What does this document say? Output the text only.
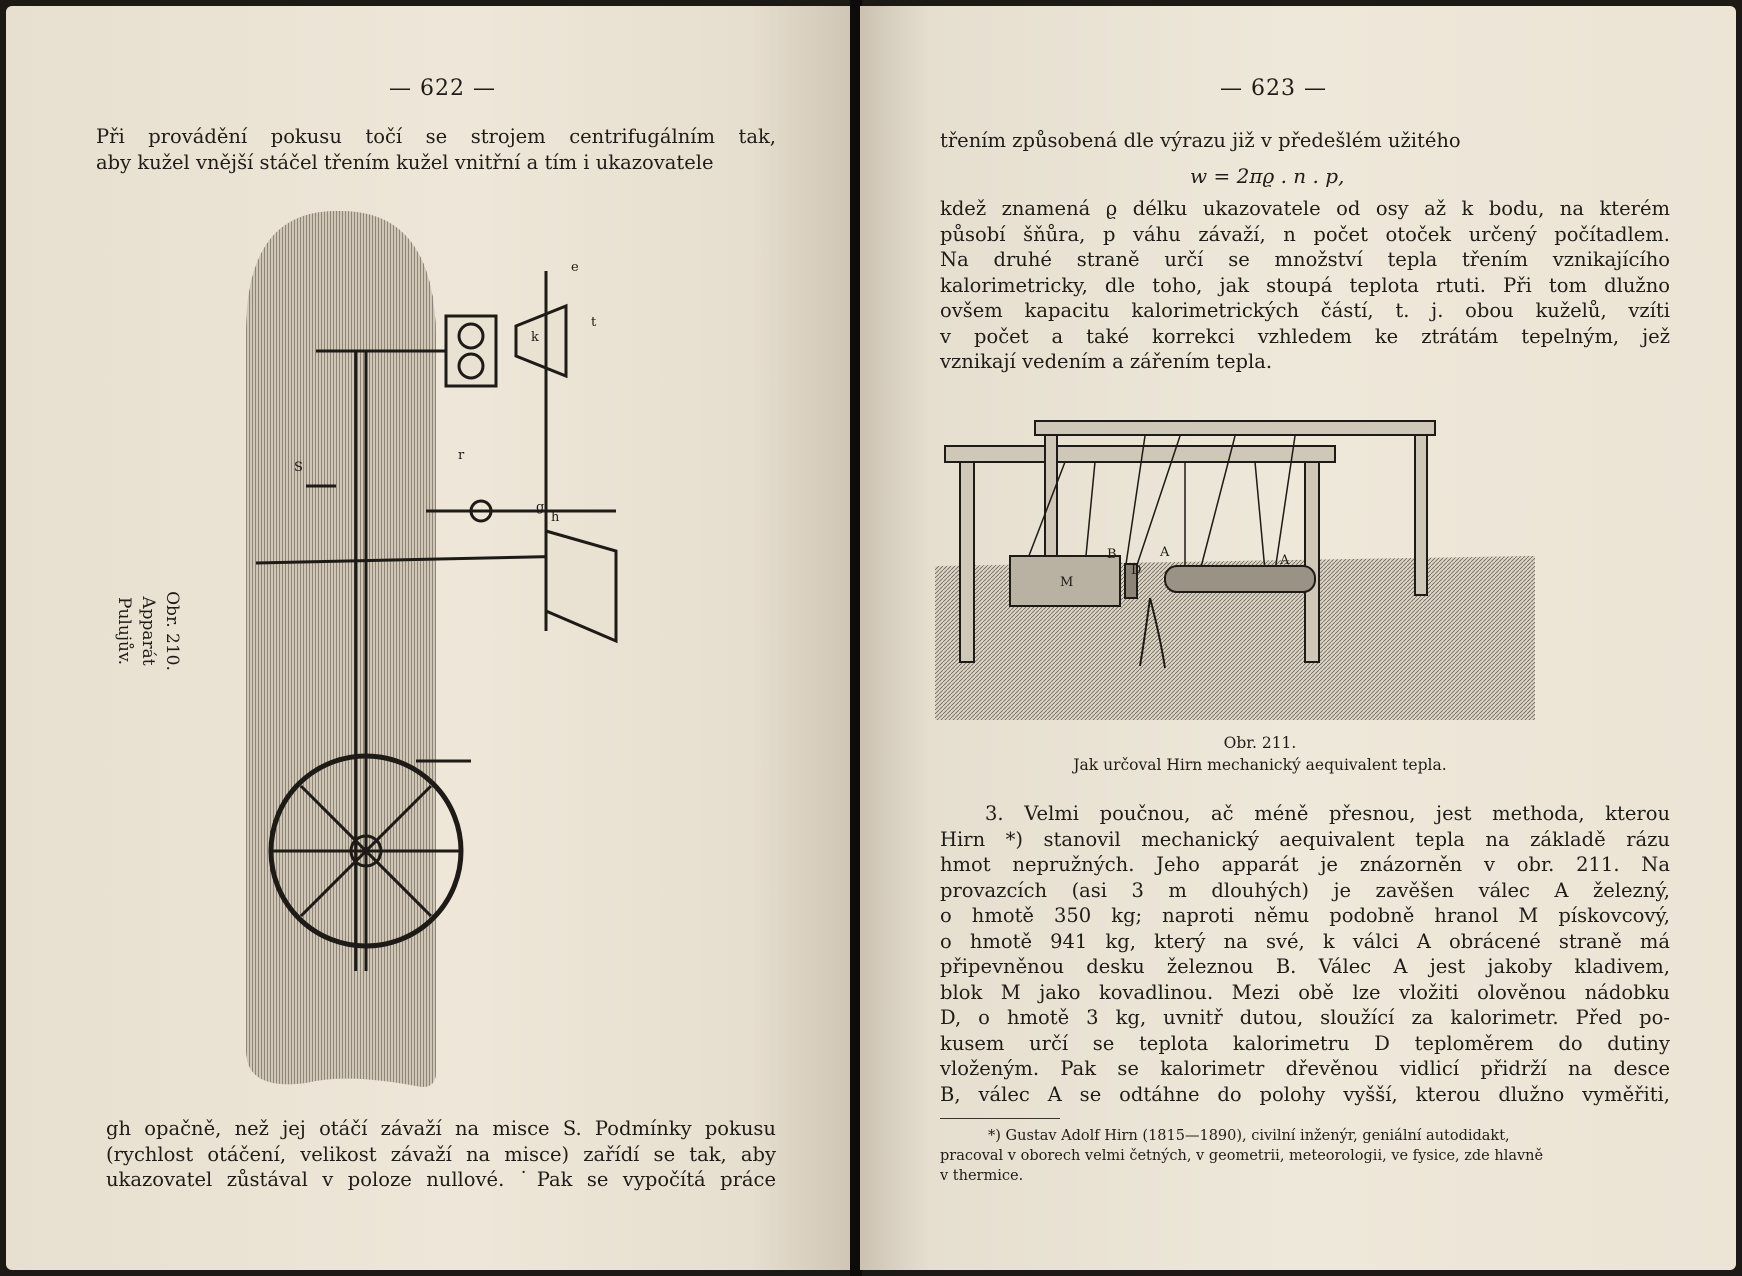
— 622 —
Při provádění pokusu točí se strojem centrifugálním tak,
aby kužel vnější stáčel třením kužel vnitřní a tím i ukazovatele
e
t
k
r
S
h
g
Obr. 210.
Apparát Pulujův.
gh opačně, než jej otáčí závaží na misce S. Podmínky pokusu
(rychlost otáčení, velikost závaží na misce) zařídí se tak, aby
ukazovatel zůstával v poloze nullové. ˙Pak se vypočítá práce
— 623 —
třením způsobená dle výrazu již v předešlém užitého
w = 2πϱ . n . p,
kdež znamená ϱ délku ukazovatele od osy až k bodu, na kterém
působí šňůra, p váhu závaží, n počet otoček určený počítadlem.
Na druhé straně určí se množství tepla třením vznikajícího
kalorimetricky, dle toho, jak stoupá teplota rtuti. Při tom dlužno
ovšem kapacitu kalorimetrických částí, t. j. obou kuželů, vzíti
v počet a také korrekci vzhledem ke ztrátám tepelným, jež
vznikají vedením a zářením tepla.
B
D
A
A
M
Obr. 211.
Jak určoval Hirn mechanický aequivalent tepla.
3. Velmi poučnou, ač méně přesnou, jest methoda, kterou
Hirn *) stanovil mechanický aequivalent tepla na základě rázu
hmot nepružných. Jeho apparát je znázorněn v obr. 211. Na
provazcích (asi 3 m dlouhých) je zavěšen válec A železný,
o hmotě 350 kg; naproti němu podobně hranol M pískovcový,
o hmotě 941 kg, který na své, k válci A obrácené straně má
připevněnou desku železnou B. Válec A jest jakoby kladivem,
blok M jako kovadlinou. Mezi obě lze vložiti olověnou nádobku
D, o hmotě 3 kg, uvnitř dutou, sloužící za kalorimetr. Před po-
kusem určí se teplota kalorimetru D teploměrem do dutiny
vloženým. Pak se kalorimetr dřevěnou vidlicí přidrží na desce
B, válec A se odtáhne do polohy vyšší, kterou dlužno vyměřiti,
*) Gustav Adolf Hirn (1815—1890), civilní inženýr, geniální autodidakt,
pracoval v oborech velmi četných, v geometrii, meteorologii, ve fysice, zde hlavně
v thermice.
